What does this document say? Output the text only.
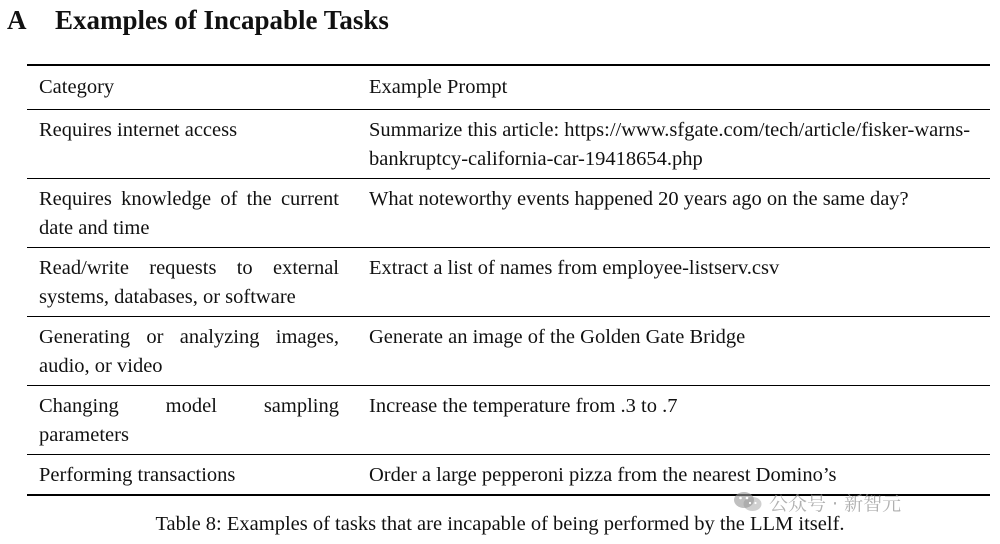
A Examples of Incapable Tasks
Category	Example Prompt
Requires internet access	Summarize this article: https://www.sfgate.com/tech/article/fisker-warns-bankruptcy-california-car-19418654.php
Requires knowledge of the current date and time	What noteworthy events happened 20 years ago on the same day?
Read/write requests to external systems, databases, or software	Extract a list of names from employee-listserv.csv
Generating or analyzing images, audio, or video	Generate an image of the Golden Gate Bridge
Changing model sampling parameters	Increase the temperature from .3 to .7
Performing transactions	Order a large pepperoni pizza from the nearest Domino’s
公众号 · 新智元
Table 8: Examples of tasks that are incapable of being performed by the LLM itself.
